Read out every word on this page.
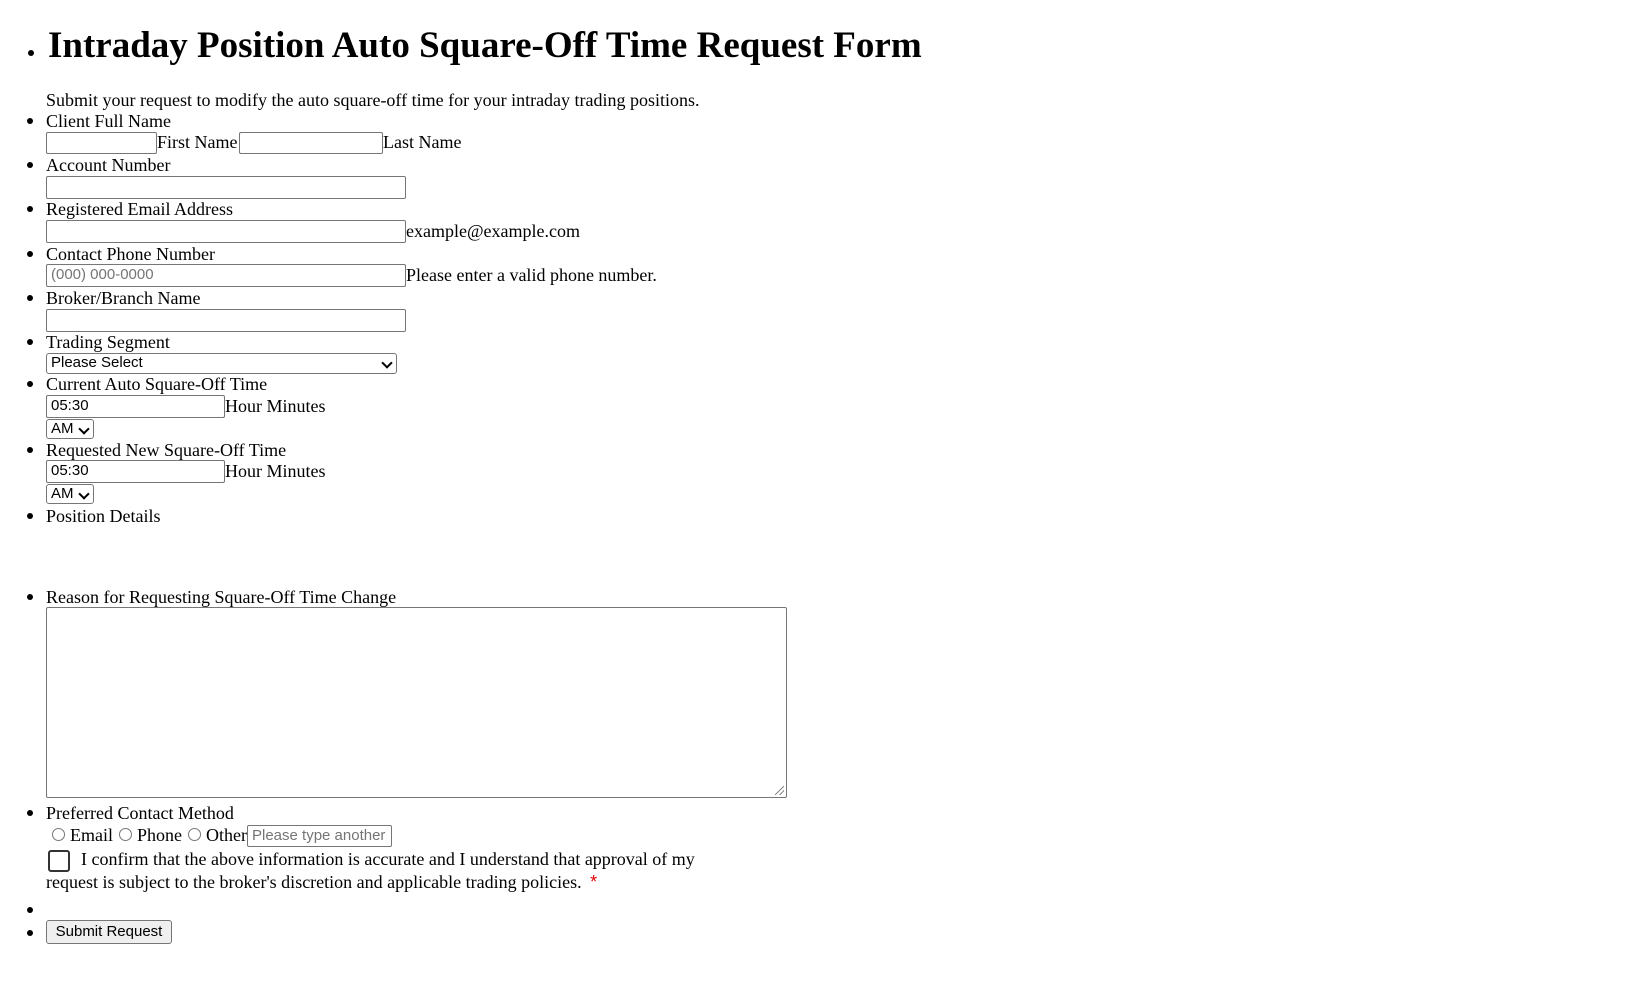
Intraday Position Auto Square-Off Time Request Form
Submit your request to modify the auto square-off time for your intraday trading positions.
Client Full Name
First Name	Last Name
Account Number
Registered Email Address
example@example.com
Contact Phone Number
(000) 000-0000	Please enter a valid phone number.
Broker/Branch Name
Trading Segment
Please Select
Current Auto Square-Off Time
05:30	Hour Minutes
AM
Requested New Square-Off Time
05:30	Hour Minutes
AM
Position Details
Reason for Requesting Square-Off Time Change
Preferred Contact Method
Email Phone Other Please type another
I confirm that the above information is accurate and I understand that approval of my
request is subject to the broker's discretion and applicable trading policies. *
Submit Request
